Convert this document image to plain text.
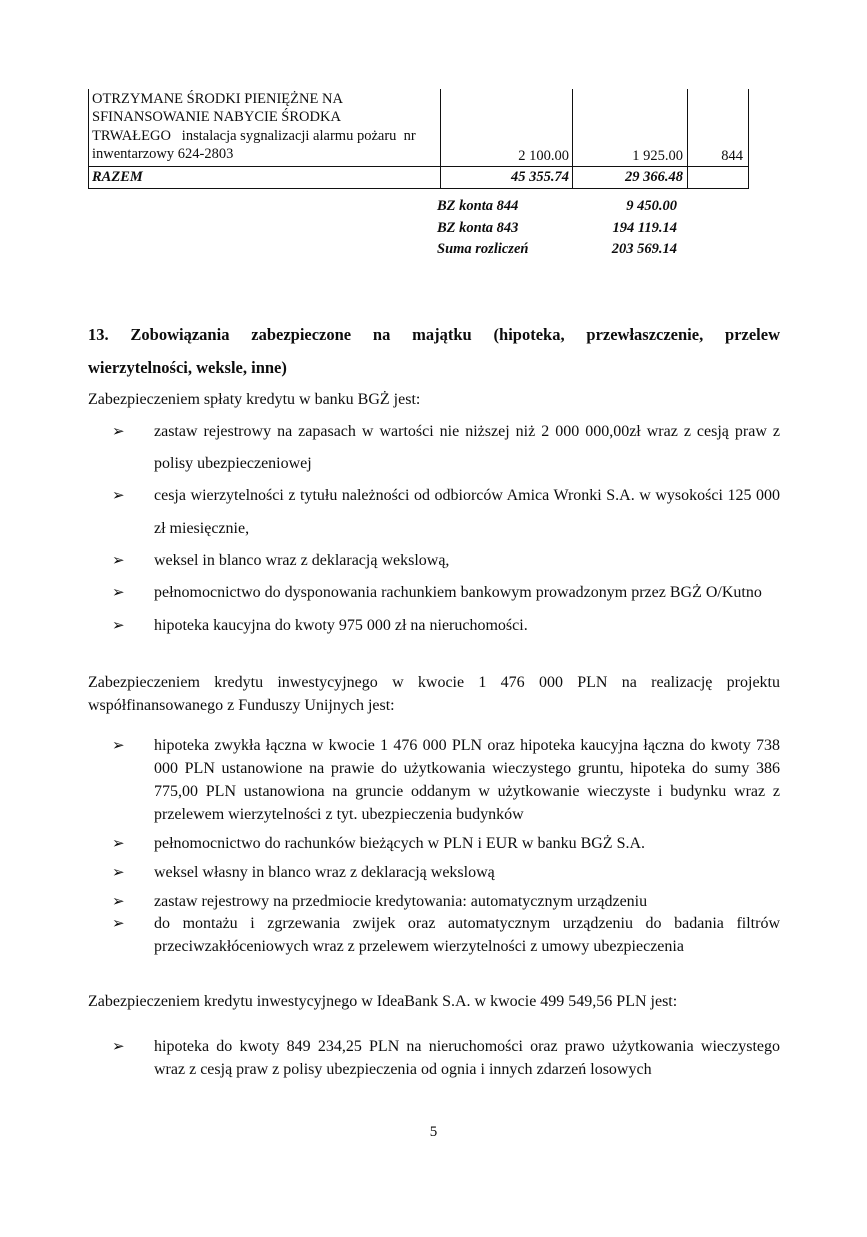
OTRZYMANE ŚRODKI PIENIĘŻNE NA
SFINANSOWANIE NABYCIE ŚRODKA
TRWAŁEGO   instalacja sygnalizacji alarmu pożaru  nr
inwentarzowy 624-2803	2 100.00	1 925.00	844
RAZEM	45 355.74	29 366.48	
BZ konta 844	9 450.00
BZ konta 843	194 119.14
Suma rozliczeń	203 569.14
13. Zobowiązania zabezpieczone na majątku (hipoteka, przewłaszczenie, przelew
wierzytelności, weksle, inne)

Zabezpieczeniem spłaty kredytu w banku BGŻ jest:

➢ zastaw rejestrowy na zapasach w wartości nie niższej niż 2 000 000,00zł wraz z cesją praw z polisy ubezpieczeniowej
➢ cesja wierzytelności z tytułu należności od odbiorców Amica Wronki S.A. w wysokości 125 000 zł miesięcznie,
➢ weksel in blanco wraz z deklaracją wekslową,
➢ pełnomocnictwo do dysponowania rachunkiem bankowym prowadzonym przez BGŻ O/Kutno
➢ hipoteka kaucyjna do kwoty 975 000 zł na nieruchomości.

Zabezpieczeniem kredytu inwestycyjnego w kwocie 1 476 000 PLN na realizację projektu współfinansowanego z Funduszy Unijnych jest:

➢ hipoteka zwykła łączna w kwocie 1 476 000 PLN oraz hipoteka kaucyjna łączna do kwoty 738 000 PLN ustanowione na prawie do użytkowania wieczystego gruntu, hipoteka do sumy 386 775,00 PLN ustanowiona na gruncie oddanym w użytkowanie wieczyste i budynku wraz z przelewem wierzytelności z tyt. ubezpieczenia budynków
➢ pełnomocnictwo do rachunków bieżących w PLN i EUR w banku BGŻ S.A.
➢ weksel własny in blanco wraz z deklaracją wekslową
➢ zastaw rejestrowy na przedmiocie kredytowania: automatycznym urządzeniu
➢ do montażu i zgrzewania zwijek oraz automatycznym urządzeniu do badania filtrów przeciwzakłóceniowych wraz z przelewem wierzytelności z umowy ubezpieczenia

Zabezpieczeniem kredytu inwestycyjnego w IdeaBank S.A. w kwocie 499 549,56 PLN jest:

➢ hipoteka do kwoty 849 234,25 PLN na nieruchomości oraz prawo użytkowania wieczystego wraz z cesją praw z polisy ubezpieczenia od ognia i innych zdarzeń losowych
5
